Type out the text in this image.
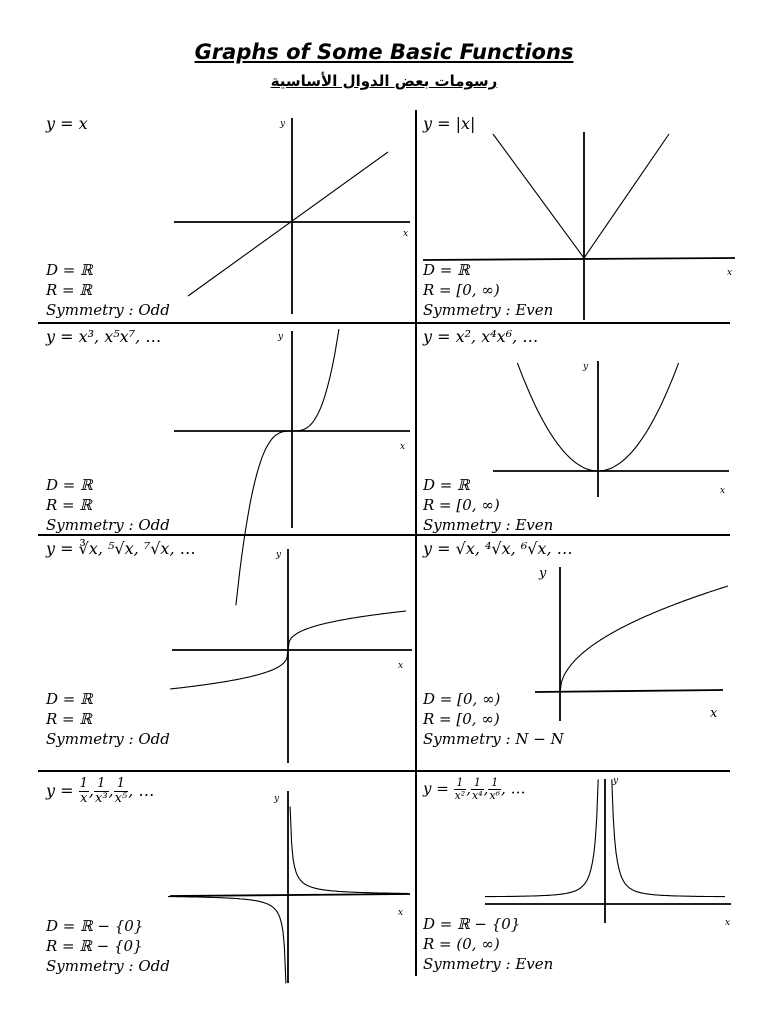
Graphs of Some Basic Functions
رسومات بعض الدوال الأساسية
y = x
x
y
D = ℝ
R = ℝ
Symmetry : Odd
y = |x|
x
D = ℝ
R = [0, ∞)
Symmetry : Even
y = x³, x⁵x⁷, …
x
y
D = ℝ
R = ℝ
Symmetry : Odd
y = x², x⁴x⁶, …
x
y
D = ℝ
R = [0, ∞)
Symmetry : Even
y = ∛x, ⁵√x, ⁷√x, …
x
y
D = ℝ
R = ℝ
Symmetry : Odd
y = √x, ⁴√x, ⁶√x, …
x
y
D = [0, ∞)
R = [0, ∞)
Symmetry : N − N
$y = \frac{1}{x}$ , $\frac{1}{\text{x³}}$ , $\frac{1}{\text{x⁵}}$ , …
x
y
D = ℝ − {0}
R = ℝ − {0}
Symmetry : Odd
$y = \frac{1}{\text{x²}}$ , $\frac{1}{\text{x⁴}}$ , $\frac{1}{\text{x⁶}}$ , …
x
y
D = ℝ − {0}
R = (0, ∞)
Symmetry : Even
